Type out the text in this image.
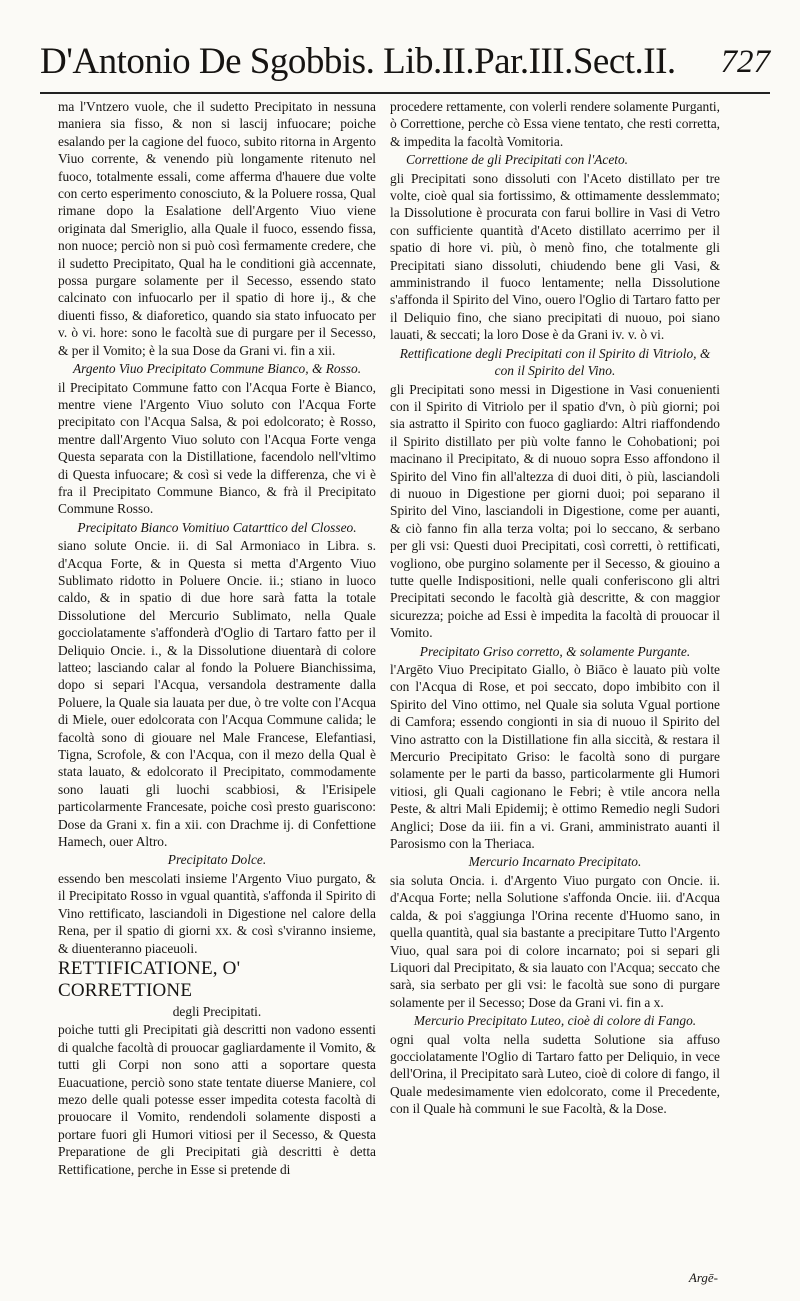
D'Antonio De Sgobbis. Lib.II.Par.III.Sect.II. 727

ma l'Vntzero vuole, che il sudetto Precipitato in nessuna maniera sia fisso, & non si lascij infuocare; poiche esalando per la cagione del fuoco, subito ritorna in Argento Viuo corrente, & venendo più longamente ritenuto nel fuoco, totalmente essali, come afferma d'hauere due volte con certo esperimento conosciuto, & la Poluere rossa, Qual rimane dopo la Esalatione dell'Argento Viuo viene originata dal Smeriglio, alla Quale il fuoco, essendo fissa, non nuoce; perciò non si può così fermamente credere, che il sudetto Precipitato, Qual ha le conditioni già accennate, possa purgare solamente per il Secesso, essendo stato calcinato con infuocarlo per il spatio di hore ij., & che diuenti fisso, & diaforetico, quando sia stato infuocato per v. ò vi. hore: sono le facoltà sue di purgare per il Secesso, & per il Vomito; è la sua Dose da Grani vi. fin a xii.

Argento Viuo Precipitato Commune Bianco, & Rosso.

il Precipitato Commune fatto con l'Acqua Forte è Bianco, mentre viene l'Argento Viuo soluto con l'Acqua Forte precipitato con l'Acqua Salsa, & poi edolcorato; è Rosso, mentre dall'Argento Viuo soluto con l'Acqua Forte venga Questa separata con la Distillatione, facendolo nell'vltimo di Questa infuocare; & così si vede la differenza, che vi è fra il Precipitato Commune Bianco, & frà il Precipitato Commune Rosso.

Precipitato Bianco Vomitiuo Catarttico del Closseo.

siano solute Oncie. ii. di Sal Armoniaco in Libra. s. d'Acqua Forte, & in Questa si metta d'Argento Viuo Sublimato ridotto in Poluere Oncie. ii.; stiano in luoco caldo, & in spatio di due hore sarà fatta la totale Dissolutione del Mercurio Sublimato, nella Quale gocciolatamente s'affonderà d'Oglio di Tartaro fatto per il Deliquio Oncie. i., & la Dissolutione diuentarà di colore latteo; lasciando calar al fondo la Poluere Bianchissima, dopo si separi l'Acqua, versandola destramente dalla Poluere, la Quale sia lauata per due, ò tre volte con l'Acqua di Miele, ouer edolcorata con l'Acqua Commune calida; le facoltà sono di giouare nel Male Francese, Elefantiasi, Tigna, Scrofole, & con l'Acqua, con il mezo della Qual è stata lauato, & edolcorato il Precipitato, commodamente sono lauati gli luochi scabbiosi, & l'Erisipele particolarmente Francesate, poiche così presto guariscono: Dose da Grani x. fin a xii. con Drachme ij. di Confettione Hamech, ouer Altro.

Precipitato Dolce.

essendo ben mescolati insieme l'Argento Viuo purgato, & il Precipitato Rosso in vgual quantità, s'affonda il Spirito di Vino rettificato, lasciandoli in Digestione nel calore della Rena, per il spatio di giorni xx. & così s'viranno insieme, & diuenteranno piaceuoli.

RETTIFICATIONE, O' CORRETTIONE

degli Precipitati.

poiche tutti gli Precipitati già descritti non vadono essenti di qualche facoltà di prouocar gagliardamente il Vomito, & tutti gli Corpi non sono atti a soportare questa Euacuatione, perciò sono state tentate diuerse Maniere, col mezo delle quali potesse esser impedita cotesta facoltà di prouocare il Vomito, rendendoli solamente disposti a portare fuori gli Humori vitiosi per il Secesso, & Questa Preparatione de gli Precipitati già descritti è detta Rettificatione, perche in Esse si pretende di

procedere rettamente, con volerli rendere solamente Purganti, ò Correttione, perche cò Essa viene tentato, che resti corretta, & impedita la facoltà Vomitoria.

Correttione de gli Precipitati con l'Aceto.

gli Precipitati sono dissoluti con l'Aceto distillato per tre volte, cioè qual sia fortissimo, & ottimamente desslemmato; la Dissolutione è procurata con farui bollire in Vasi di Vetro con sufficiente quantità d'Aceto distillato acerrimo per il spatio di hore vi. più, ò menò fino, che totalmente gli Precipitati siano dissoluti, chiudendo bene gli Vasi, & amministrando il fuoco lentamente; nella Dissolutione s'affonda il Spirito del Vino, ouero l'Oglio di Tartaro fatto per il Deliquio fino, che siano precipitati di nuouo, poi siano lauati, & seccati; la loro Dose è da Grani iv. v. ò vi.

Rettificatione degli Precipitati con il Spirito di Vitriolo, & con il Spirito del Vino.

gli Precipitati sono messi in Digestione in Vasi conuenienti con il Spirito di Vitriolo per il spatio d'vn, ò più giorni; poi sia astratto il Spirito con fuoco gagliardo: Altri riaffondendo il Spirito distillato per più volte fanno le Cohobationi; poi macinano il Precipitato, & di nuouo sopra Esso affondono il Spirito del Vino fin all'altezza di duoi diti, ò più, lasciandoli di nuouo in Digestione per giorni duoi; poi separano il Spirito del Vino, lasciandoli in Digestione, come per auanti, & ciò fanno fin alla terza volta; poi lo seccano, & serbano per gli vsi: Questi duoi Precipitati, così corretti, ò rettificati, vogliono, obe purgino solamente per il Secesso, & giouino a tutte quelle Indispositioni, nelle quali conferiscono gli altri Precipitati secondo le facoltà già descritte, & con maggior sicurezza; poiche ad Essi è impedita la facoltà di prouocar il Vomito.

Precipitato Griso corretto, & solamente Purgante.

l'Argēto Viuo Precipitato Giallo, ò Biāco è lauato più volte con l'Acqua di Rose, et poi seccato, dopo imbibito con il Spirito del Vino ottimo, nel Quale sia soluta Vgual portione di Camfora; essendo congionti in sia di nuouo il Spirito del Vino astratto con la Distillatione fin alla siccità, & restara il Mercurio Precipitato Griso: le facoltà sono di purgare solamente per le parti da basso, particolarmente gli Humori vitiosi, gli Quali cagionano le Febri; è vtile ancora nella Peste, & altri Mali Epidemij; è ottimo Remedio negli Sudori Anglici; Dose da iii. fin a vi. Grani, amministrato auanti il Parosismo con la Theriaca.

Mercurio Incarnato Precipitato.

sia soluta Oncia. i. d'Argento Viuo purgato con Oncie. ii. d'Acqua Forte; nella Solutione s'affonda Oncie. iii. d'Acqua calda, & poi s'aggiunga l'Orina recente d'Huomo sano, in quella quantità, qual sia bastante a precipitare Tutto l'Argento Viuo, qual sara poi di colore incarnato; poi si separi gli Liquori dal Precipitato, & sia lauato con l'Acqua; seccato che sarà, sia serbato per gli vsi: le facoltà sue sono di purgare solamente per il Secesso; Dose da Grani vi. fin a x.

Mercurio Precipitato Luteo, cioè di colore di Fango.

ogni qual volta nella sudetta Solutione sia affuso gocciolatamente l'Oglio di Tartaro fatto per Deliquio, in vece dell'Orina, il Precipitato sarà Luteo, cioè di colore di fango, il Quale medesimamente vien edolcorato, come il Precedente, con il Quale hà communi le sue Facoltà, & la Dose.

Argē-
